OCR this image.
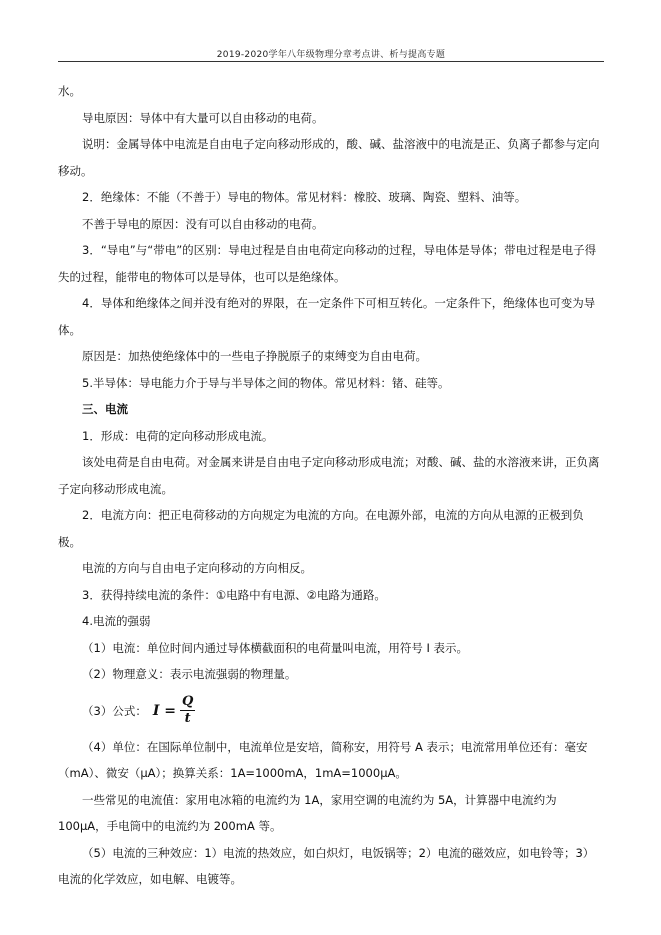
2019-2020学年八年级物理分章考点讲、析与提高专题

水。

导电原因：导体中有大量可以自由移动的电荷。

说明：金属导体中电流是自由电子定向移动形成的，酸、碱、盐溶液中的电流是正、负离子都参与定向移动。

2．绝缘体：不能（不善于）导电的物体。常见材料：橡胶、玻璃、陶瓷、塑料、油等。

不善于导电的原因：没有可以自由移动的电荷。

3．“导电”与“带电”的区别：导电过程是自由电荷定向移动的过程，导电体是导体；带电过程是电子得失的过程，能带电的物体可以是导体，也可以是绝缘体。

4．导体和绝缘体之间并没有绝对的界限，在一定条件下可相互转化。一定条件下，绝缘体也可变为导体。

原因是：加热使绝缘体中的一些电子挣脱原子的束缚变为自由电荷。

5.半导体：导电能力介于导与半导体之间的物体。常见材料：锗、硅等。

三、电流

1．形成：电荷的定向移动形成电流。

该处电荷是自由电荷。对金属来讲是自由电子定向移动形成电流；对酸、碱、盐的水溶液来讲，正负离子定向移动形成电流。

2．电流方向：把正电荷移动的方向规定为电流的方向。在电源外部，电流的方向从电源的正极到负极。

电流的方向与自由电子定向移动的方向相反。

3．获得持续电流的条件：①电路中有电源、②电路为通路。

4.电流的强弱

（1）电流：单位时间内通过导体横截面积的电荷量叫电流，用符号 I 表示。

（2）物理意义：表示电流强弱的物理量。

（3）公式： $I = \frac{Q}{t}$

（4）单位：在国际单位制中，电流单位是安培，简称安，用符号 A 表示；电流常用单位还有：毫安（mA）、微安（μA）；换算关系：1A=1000mA，1mA=1000μA。

一些常见的电流值：家用电冰箱的电流约为 1A，家用空调的电流约为 5A，计算器中电流约为 100μA，手电筒中的电流约为 200mA 等。

（5）电流的三种效应：1）电流的热效应，如白炽灯，电饭锅等；2）电流的磁效应，如电铃等；3）电流的化学效应，如电解、电镀等。
